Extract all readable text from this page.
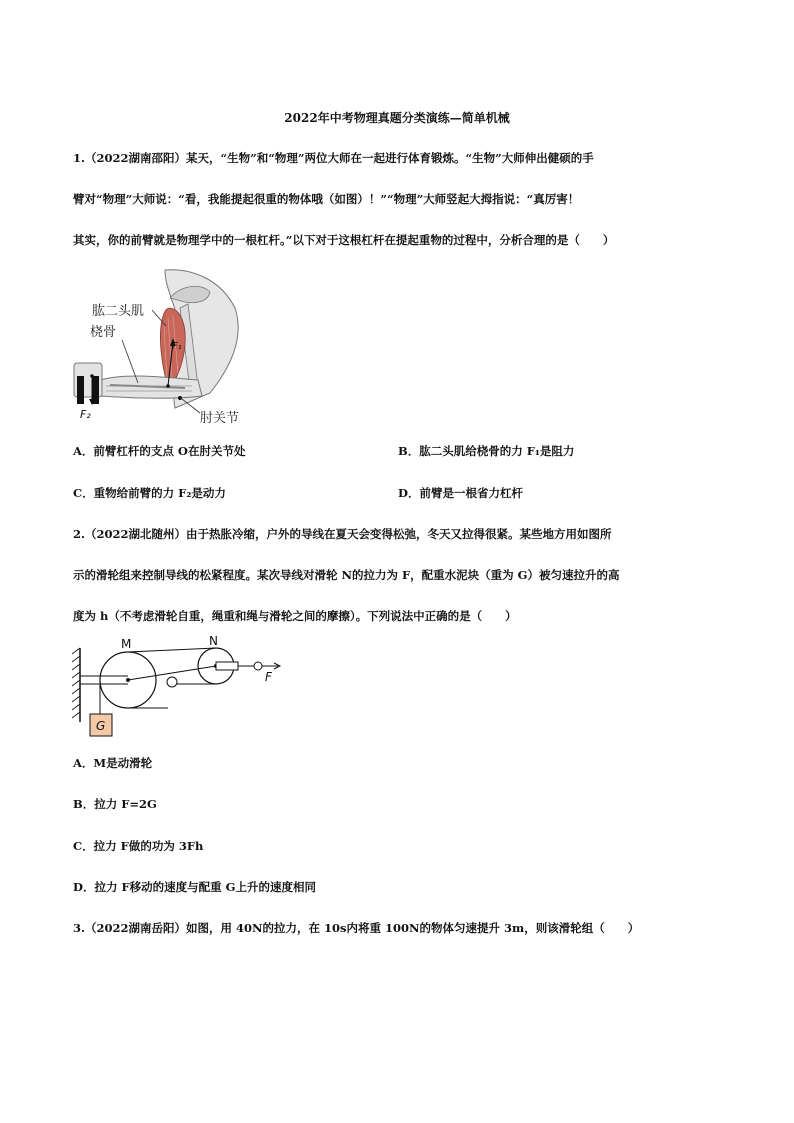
2022年中考物理真题分类演练—简单机械
1.（2022湖南邵阳）某天，“生物”和“物理”两位大师在一起进行体育锻炼。“生物”大师伸出健硕的手
臂对“物理”大师说：“看，我能提起很重的物体哦（如图）！”“物理”大师竖起大拇指说：“真厉害！
其实，你的前臂就是物理学中的一根杠杆。”以下对于这根杠杆在提起重物的过程中，分析合理的是（　　）
肱二头肌
桡骨
F₁
F₂	肘关节
A．前臂杠杆的支点 O在肘关节处	B．肱二头肌给桡骨的力 F₁是阻力
C．重物给前臂的力 F₂是动力	D．前臂是一根省力杠杆
2.（2022湖北随州）由于热胀冷缩，户外的导线在夏天会变得松弛，冬天又拉得很紧。某些地方用如图所
示的滑轮组来控制导线的松紧程度。某次导线对滑轮 N的拉力为 F，配重水泥块（重为 G）被匀速拉升的高
度为 h（不考虑滑轮自重，绳重和绳与滑轮之间的摩擦）。下列说法中正确的是（　　）
M	N
F
G
A．M是动滑轮
B．拉力 F=2G
C．拉力 F做的功为 3Fh
D．拉力 F移动的速度与配重 G上升的速度相同
3.（2022湖南岳阳）如图，用 40N的拉力，在 10s内将重 100N的物体匀速提升 3m，则该滑轮组（　　）
